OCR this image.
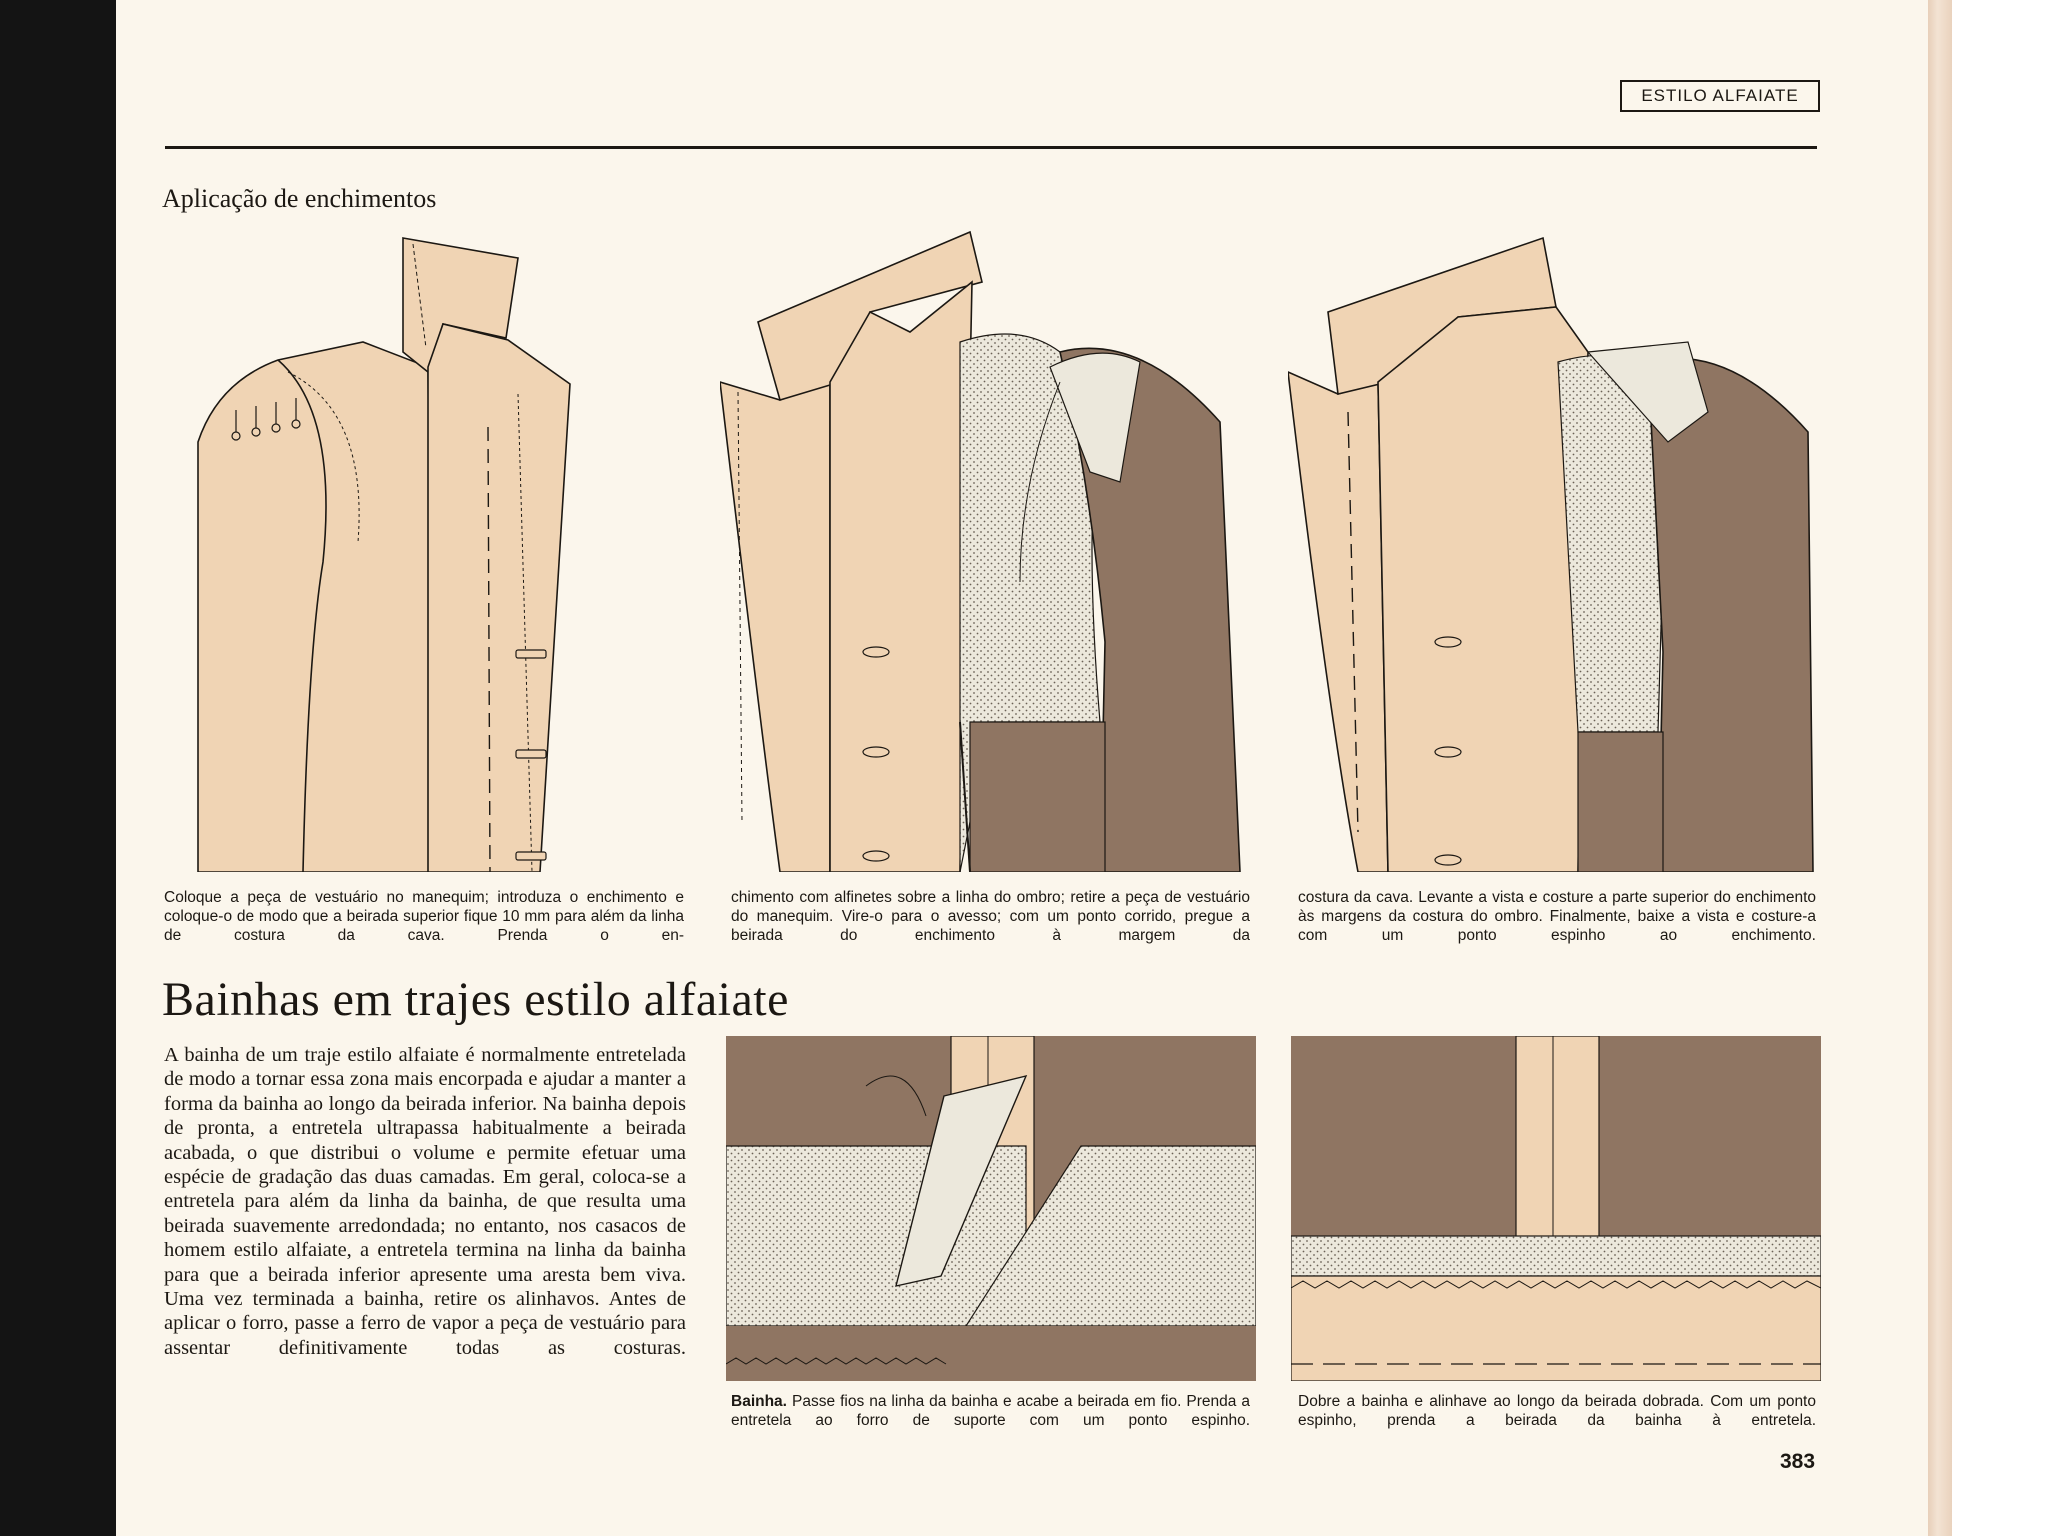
ESTILO ALFAIATE
Aplicação de enchimentos
Coloque a peça de vestuário no manequim; introduza o enchimento e coloque-o de modo que a beirada superior fique 10 mm para além da linha de costura da cava. Prenda o en-
chimento com alfinetes sobre a linha do ombro; retire a peça de vestuário do manequim. Vire-o para o avesso; com um ponto corrido, pregue a beirada do enchimento à margem da
costura da cava. Levante a vista e costure a parte superior do enchimento às margens da costura do ombro. Finalmente, baixe a vista e costure-a com um ponto espinho ao enchimento.
Bainhas em trajes estilo alfaiate
A bainha de um traje estilo alfaiate é normalmente entretelada de modo a tornar essa zona mais encorpada e ajudar a manter a forma da bainha ao longo da beirada inferior. Na bainha depois de pronta, a entretela ultrapassa habitualmente a beirada acabada, o que distribui o volume e permite efetuar uma espécie de gradação das duas camadas. Em geral, coloca-se a entretela para além da linha da bainha, de que resulta uma beirada suavemente arredondada; no entanto, nos casacos de homem estilo alfaiate, a entretela termina na linha da bainha para que a beirada inferior apresente uma aresta bem viva. Uma vez terminada a bainha, retire os alinhavos. Antes de aplicar o forro, passe a ferro de vapor a peça de vestuário para assentar definitivamente todas as costuras.
Bainha. Passe fios na linha da bainha e acabe a beirada em fio. Prenda a entretela ao forro de suporte com um ponto espinho.
Dobre a bainha e alinhave ao longo da beirada dobrada. Com um ponto espinho, prenda a beirada da bainha à entretela.
383
